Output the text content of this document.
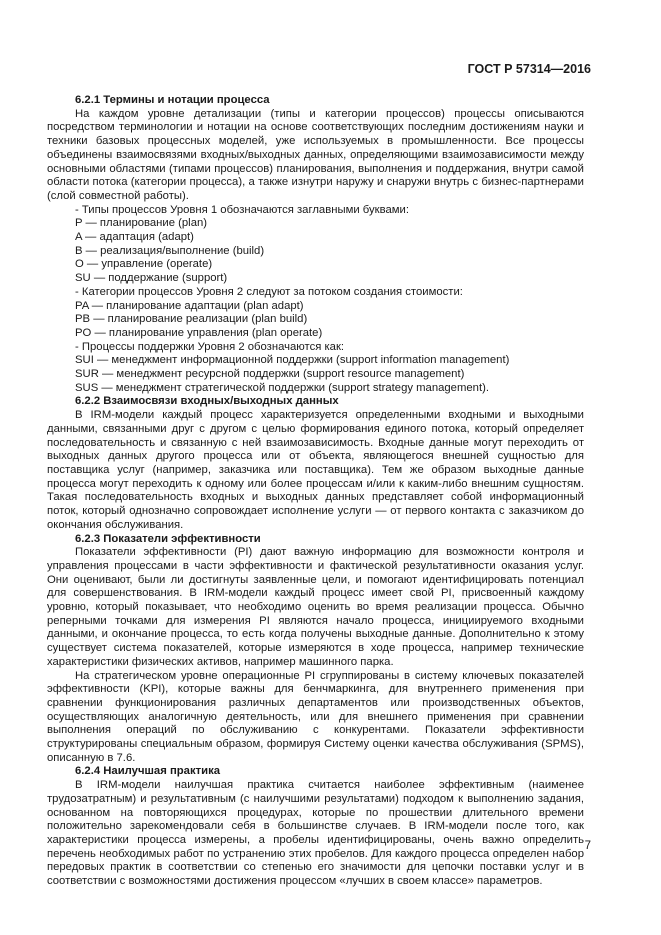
ГОСТ Р 57314—2016

6.2.1 Термины и нотации процесса

На каждом уровне детализации (типы и категории процессов) процессы описываются посредством терминологии и нотации на основе соответствующих последним достижениям науки и техники базовых процессных моделей, уже используемых в промышленности. Все процессы объединены взаимосвязями входных/выходных данных, определяющими взаимозависимости между основными областями (типами процессов) планирования, выполнения и поддержания, внутри самой области потока (категории процесса), а также изнутри наружу и снаружи внутрь с бизнес-партнерами (слой совместной работы).

- Типы процессов Уровня 1 обозначаются заглавными буквами:

P — планирование (plan)

A — адаптация (adapt)

B — реализация/выполнение (build)

O — управление (operate)

SU — поддержание (support)

- Категории процессов Уровня 2 следуют за потоком создания стоимости:

PA — планирование адаптации (plan adapt)

PB — планирование реализации (plan build)

PO — планирование управления (plan operate)

- Процессы поддержки Уровня 2 обозначаются как:

SUI — менеджмент информационной поддержки (support information management)

SUR — менеджмент ресурсной поддержки (support resource management)

SUS — менеджмент стратегической поддержки (support strategy management).

6.2.2 Взаимосвязи входных/выходных данных

В IRM-модели каждый процесс характеризуется определенными входными и выходными данными, связанными друг с другом с целью формирования единого потока, который определяет последовательность и связанную с ней взаимозависимость. Входные данные могут переходить от выходных данных другого процесса или от объекта, являющегося внешней сущностью для поставщика услуг (например, заказчика или поставщика). Тем же образом выходные данные процесса могут переходить к одному или более процессам и/или к каким-либо внешним сущностям. Такая последовательность входных и выходных данных представляет собой информационный поток, который однозначно сопровождает исполнение услуги — от первого контакта с заказчиком до окончания обслуживания.

6.2.3 Показатели эффективности

Показатели эффективности (PI) дают важную информацию для возможности контроля и управления процессами в части эффективности и фактической результативности оказания услуг. Они оценивают, были ли достигнуты заявленные цели, и помогают идентифицировать потенциал для совершенствования. В IRM-модели каждый процесс имеет свой PI, присвоенный каждому уровню, который показывает, что необходимо оценить во время реализации процесса. Обычно реперными точками для измерения PI являются начало процесса, инициируемого входными данными, и окончание процесса, то есть когда получены выходные данные. Дополнительно к этому существует система показателей, которые измеряются в ходе процесса, например технические характеристики физических активов, например машинного парка.

На стратегическом уровне операционные PI сгруппированы в систему ключевых показателей эффективности (KPI), которые важны для бенчмаркинга, для внутреннего применения при сравнении функционирования различных департаментов или производственных объектов, осуществляющих аналогичную деятельность, или для внешнего применения при сравнении выполнения операций по обслуживанию с конкурентами. Показатели эффективности структурированы специальным образом, формируя Систему оценки качества обслуживания (SPMS), описанную в 7.6.

6.2.4 Наилучшая практика

В IRM-модели наилучшая практика считается наиболее эффективным (наименее трудозатратным) и результативным (с наилучшими результатами) подходом к выполнению задания, основанном на повторяющихся процедурах, которые по прошествии длительного времени положительно зарекомендовали себя в большинстве случаев. В IRM-модели после того, как характеристики процесса измерены, а пробелы идентифицированы, очень важно определить перечень необходимых работ по устранению этих пробелов. Для каждого процесса определен набор передовых практик в соответствии со степенью его значимости для цепочки поставки услуг и в соответствии с возможностями достижения процессом «лучших в своем классе» параметров.

7
